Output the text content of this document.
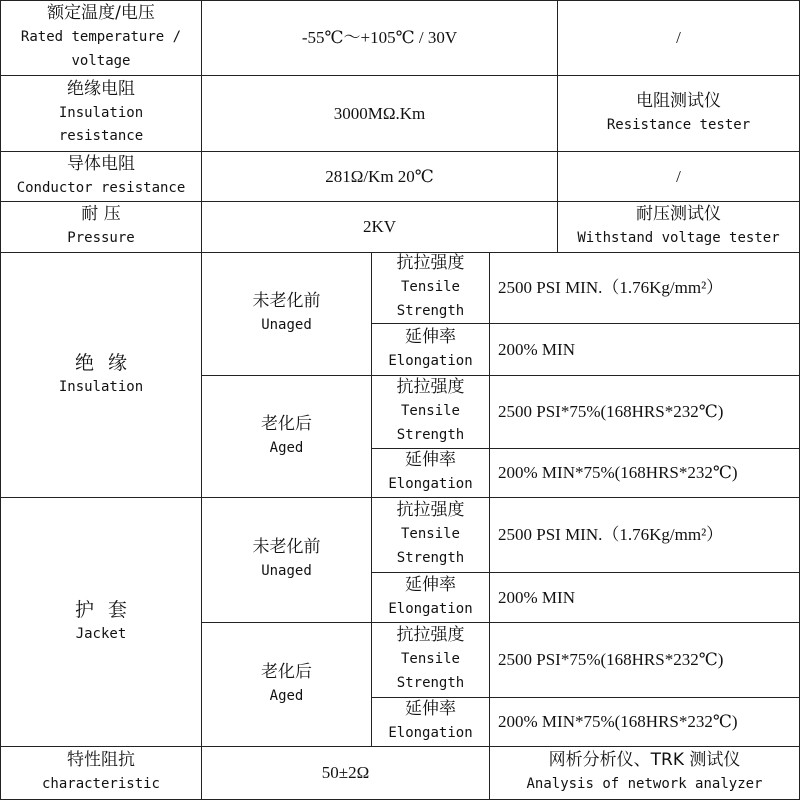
额定温度/电压
Rated temperature / voltage
-55℃～+105℃ / 30V	/
绝缘电阻
Insulation resistance
3000MΩ.Km
电阻测试仪
Resistance tester
导体电阻
Conductor resistance
281Ω/Km 20℃	/
耐 压
Pressure
2KV
耐压测试仪
Withstand voltage tester
绝缘
Insulation
未老化前
Unaged
老化后
Aged
抗拉强度
Tensile Strength
2500 PSI MIN.（1.76Kg/mm²）
延伸率
Elongation
200% MIN
抗拉强度
Tensile Strength
2500 PSI*75%(168HRS*232℃)
延伸率
Elongation
200% MIN*75%(168HRS*232℃)
护套
Jacket
未老化前
Unaged
老化后
Aged
抗拉强度
Tensile Strength
2500 PSI MIN.（1.76Kg/mm²）
延伸率
Elongation
200% MIN
抗拉强度
Tensile Strength
2500 PSI*75%(168HRS*232℃)
延伸率
Elongation
200% MIN*75%(168HRS*232℃)
特性阻抗
characteristic
50±2Ω
网析分析仪、TRK 测试仪
Analysis of network analyzer
